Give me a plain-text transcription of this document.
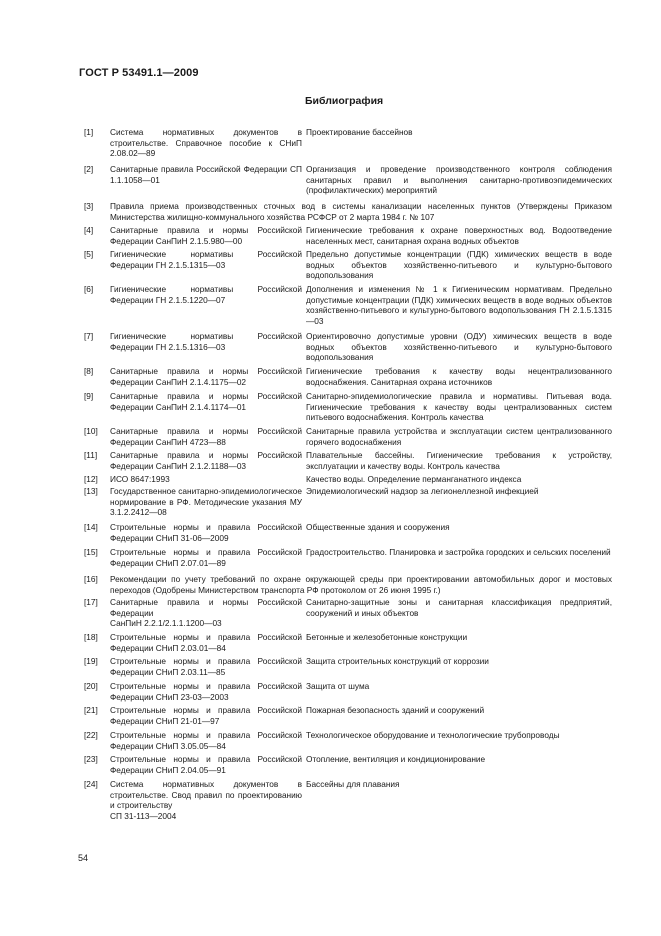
ГОСТ Р 53491.1—2009
Библиография
[1] Система нормативных документов в строительстве. Справочное пособие к СНиП 2.08.02—89
Проектирование бассейнов
[2] Санитарные правила Российской Федерации СП 1.1.1058—01
Организация и проведение производственного контроля соблюдения санитарных правил и выполнения санитарно-противоэпидемических (профилактических) мероприятий
[3] Правила приема производственных сточных вод в системы канализации населенных пунктов (Утверждены Приказом Министерства жилищно-коммунального хозяйства РСФСР от 2 марта 1984 г. № 107
[4] Санитарные правила и нормы Российской Федерации СанПиН 2.1.5.980—00
Гигиенические требования к охране поверхностных вод. Водоотведение населенных мест, санитарная охрана водных объектов
[5] Гигиенические нормативы Российской Федерации ГН 2.1.5.1315—03
Предельно допустимые концентрации (ПДК) химических веществ в воде водных объектов хозяйственно-питьевого и культурно-бытового водопользования
[6] Гигиенические нормативы Российской Федерации ГН 2.1.5.1220—07
Дополнения и изменения № 1 к Гигиеническим нормативам. Предельно допустимые концентрации (ПДК) химических веществ в воде водных объектов хозяйственно-питьевого и культурно-бытового водопользования ГН 2.1.5.1315—03
[7] Гигиенические нормативы Российской Федерации ГН 2.1.5.1316—03
Ориентировочно допустимые уровни (ОДУ) химических веществ в воде водных объектов хозяйственно-питьевого и культурно-бытового водопользования
[8] Санитарные правила и нормы Российской Федерации СанПиН 2.1.4.1175—02
Гигиенические требования к качеству воды нецентрализованного водоснабжения. Санитарная охрана источников
[9] Санитарные правила и нормы Российской Федерации СанПиН 2.1.4.1174—01
Санитарно-эпидемиологические правила и нормативы. Питьевая вода. Гигиенические требования к качеству воды централизованных систем питьевого водоснабжения. Контроль качества
[10] Санитарные правила и нормы Российской Федерации СанПиН 4723—88
Санитарные правила устройства и эксплуатации систем централизованного горячего водоснабжения
[11] Санитарные правила и нормы Российской Федерации СанПиН 2.1.2.1188—03
Плавательные бассейны. Гигиенические требования к устройству, эксплуатации и качеству воды. Контроль качества
[12] ИСО 8647:1993	Качество воды. Определение перманганатного индекса
[13] Государственное санитарно-эпидемиологическое нормирование в РФ. Методические указания МУ 3.1.2.2412—08
Эпидемиологический надзор за легионеллезной инфекцией
[14] Строительные нормы и правила Российской Федерации СНиП 31-06—2009
Общественные здания и сооружения
[15] Строительные нормы и правила Российской Федерации СНиП 2.07.01—89
Градостроительство. Планировка и застройка городских и сельских поселений
[16] Рекомендации по учету требований по охране окружающей среды при проектировании автомобильных дорог и мостовых переходов (Одобрены Министерством транспорта РФ протоколом от 26 июня 1995 г.)
[17] Санитарные правила и нормы Российской Федерации
СанПиН 2.2.1/2.1.1.1200—03
Санитарно-защитные зоны и санитарная классификация предприятий, сооружений и иных объектов
[18] Строительные нормы и правила Российской Федерации СНиП 2.03.01—84
Бетонные и железобетонные конструкции
[19] Строительные нормы и правила Российской Федерации СНиП 2.03.11—85
Защита строительных конструкций от коррозии
[20] Строительные нормы и правила Российской Федерации СНиП 23-03—2003
Защита от шума
[21] Строительные нормы и правила Российской Федерации СНиП 21-01—97
Пожарная безопасность зданий и сооружений
[22] Строительные нормы и правила Российской Федерации СНиП 3.05.05—84
Технологическое оборудование и технологические трубопроводы
[23] Строительные нормы и правила Российской Федерации СНиП 2.04.05—91
Отопление, вентиляция и кондиционирование
[24] Система нормативных документов в строительстве. Свод правил по проектированию и строительству
СП 31-113—2004
Бассейны для плавания
54
